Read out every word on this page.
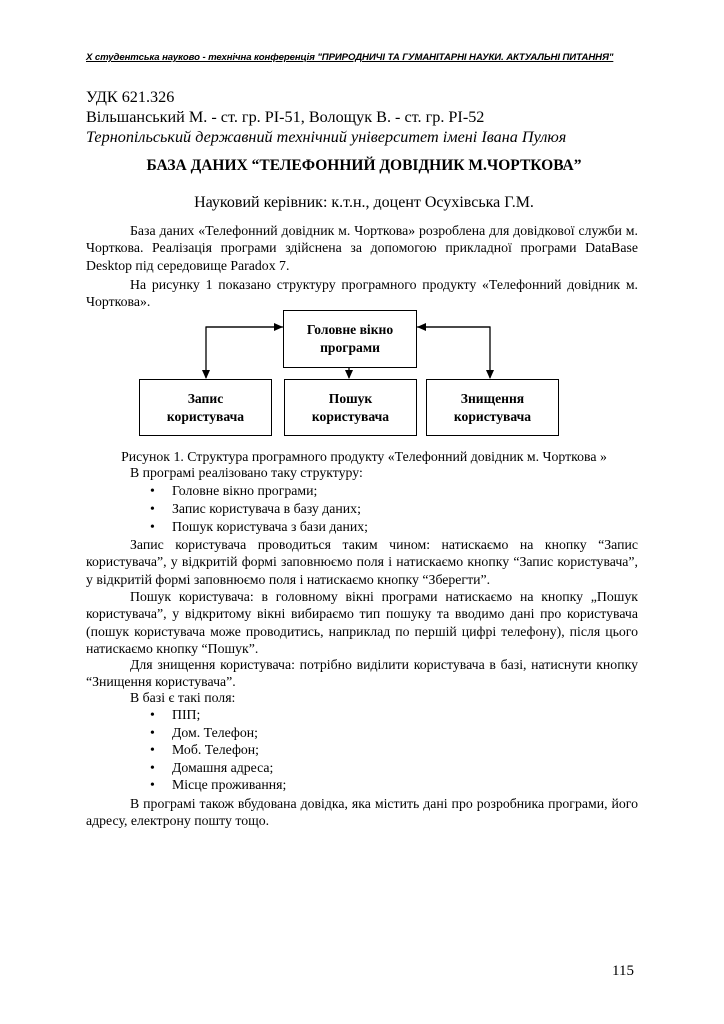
X студентська науково - технічна конференція "ПРИРОДНИЧІ ТА ГУМАНІТАРНІ НАУКИ. АКТУАЛЬНІ ПИТАННЯ"
УДК 621.326
Вільшанський М. - ст. гр. РІ-51, Волощук В. - ст. гр. РІ-52
Тернопільський державний технічний університет імені Івана Пулюя
БАЗА ДАНИХ “ТЕЛЕФОННИЙ ДОВІДНИК М.ЧОРТКОВА”
Науковий керівник: к.т.н., доцент Осухівська Г.М.
База даних «Телефонний довідник м. Чорткова» розроблена для довідкової служби м. Чорткова. Реалізація програми здійснена за допомогою прикладної програми DataBase Desktop під середовище Paradox 7.
На рисунку 1 показано структуру програмного продукту «Телефонний довідник м. Чорткова».
Головне вікно
програми
Запис
користувача
Пошук
користувача
Знищення
користувача
Рисунок 1. Структура програмного продукту «Телефонний довідник м. Чорткова »
В програмі реалізовано таку структуру:
• Головне вікно програми;
• Запис користувача в базу даних;
• Пошук користувача з бази даних;
Запис користувача проводиться таким чином: натискаємо на кнопку “Запис користувача”, у відкритій формі заповнюємо поля і натискаємо кнопку “Запис користувача”, у відкритій формі заповнюємо поля і натискаємо кнопку “Зберегти”.
Пошук користувача: в головному вікні програми натискаємо на кнопку „Пошук користувача”, у відкритому вікні вибираємо тип пошуку та вводимо дані про користувача (пошук користувача може проводитись, наприклад по першій цифрі телефону), після цього натискаємо кнопку “Пошук”.
Для знищення користувача: потрібно виділити користувача в базі, натиснути кнопку “Знищення користувача”.
В базі є такі поля:
• ПІП;
• Дом. Телефон;
• Моб. Телефон;
• Домашня адреса;
• Місце проживання;
В програмі також вбудована довідка, яка містить дані про розробника програми, його адресу, електрону пошту тощо.
115
